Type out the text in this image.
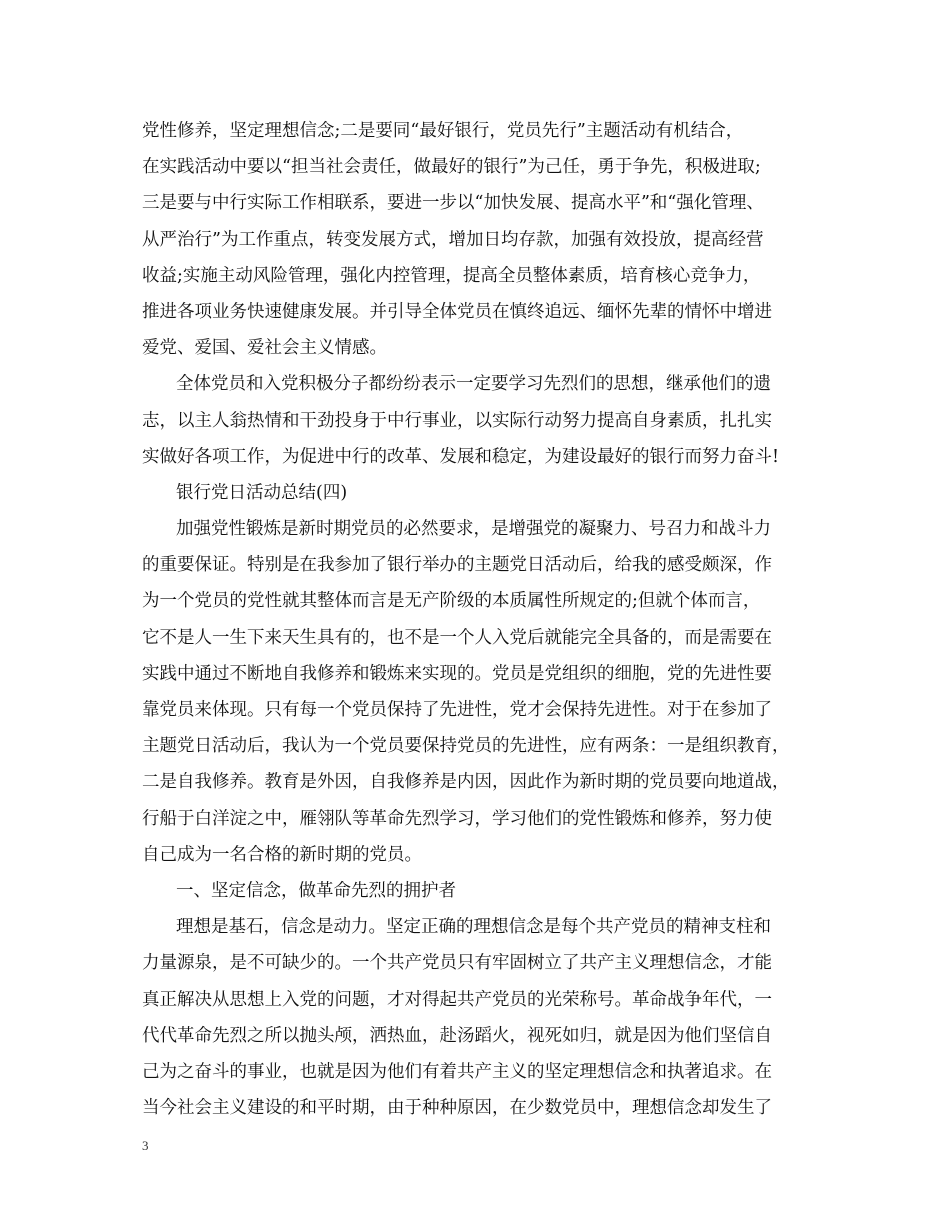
党性修养，坚定理想信念;二是要同“最好银行，党员先行”主题活动有机结合，
在实践活动中要以“担当社会责任，做最好的银行”为己任，勇于争先，积极进取;
三是要与中行实际工作相联系，要进一步以“加快发展、提高水平”和“强化管理、
从严治行”为工作重点，转变发展方式，增加日均存款，加强有效投放，提高经营
收益;实施主动风险管理，强化内控管理，提高全员整体素质，培育核心竞争力，
推进各项业务快速健康发展。并引导全体党员在慎终追远、缅怀先辈的情怀中增进
爱党、爱国、爱社会主义情感。
全体党员和入党积极分子都纷纷表示一定要学习先烈们的思想，继承他们的遗
志，以主人翁热情和干劲投身于中行事业，以实际行动努力提高自身素质，扎扎实
实做好各项工作，为促进中行的改革、发展和稳定，为建设最好的银行而努力奋斗!
银行党日活动总结(四)
加强党性锻炼是新时期党员的必然要求，是增强党的凝聚力、号召力和战斗力
的重要保证。特别是在我参加了银行举办的主题党日活动后，给我的感受颇深，作
为一个党员的党性就其整体而言是无产阶级的本质属性所规定的;但就个体而言，
它不是人一生下来天生具有的，也不是一个人入党后就能完全具备的，而是需要在
实践中通过不断地自我修养和锻炼来实现的。党员是党组织的细胞，党的先进性要
靠党员来体现。只有每一个党员保持了先进性，党才会保持先进性。对于在参加了
主题党日活动后，我认为一个党员要保持党员的先进性，应有两条：一是组织教育，
二是自我修养。教育是外因，自我修养是内因，因此作为新时期的党员要向地道战，
行船于白洋淀之中，雁翎队等革命先烈学习，学习他们的党性锻炼和修养，努力使
自己成为一名合格的新时期的党员。
一、坚定信念，做革命先烈的拥护者
理想是基石，信念是动力。坚定正确的理想信念是每个共产党员的精神支柱和
力量源泉，是不可缺少的。一个共产党员只有牢固树立了共产主义理想信念，才能
真正解决从思想上入党的问题，才对得起共产党员的光荣称号。革命战争年代，一
代代革命先烈之所以抛头颅，洒热血，赴汤蹈火，视死如归，就是因为他们坚信自
己为之奋斗的事业，也就是因为他们有着共产主义的坚定理想信念和执著追求。在
当今社会主义建设的和平时期，由于种种原因，在少数党员中，理想信念却发生了
3
